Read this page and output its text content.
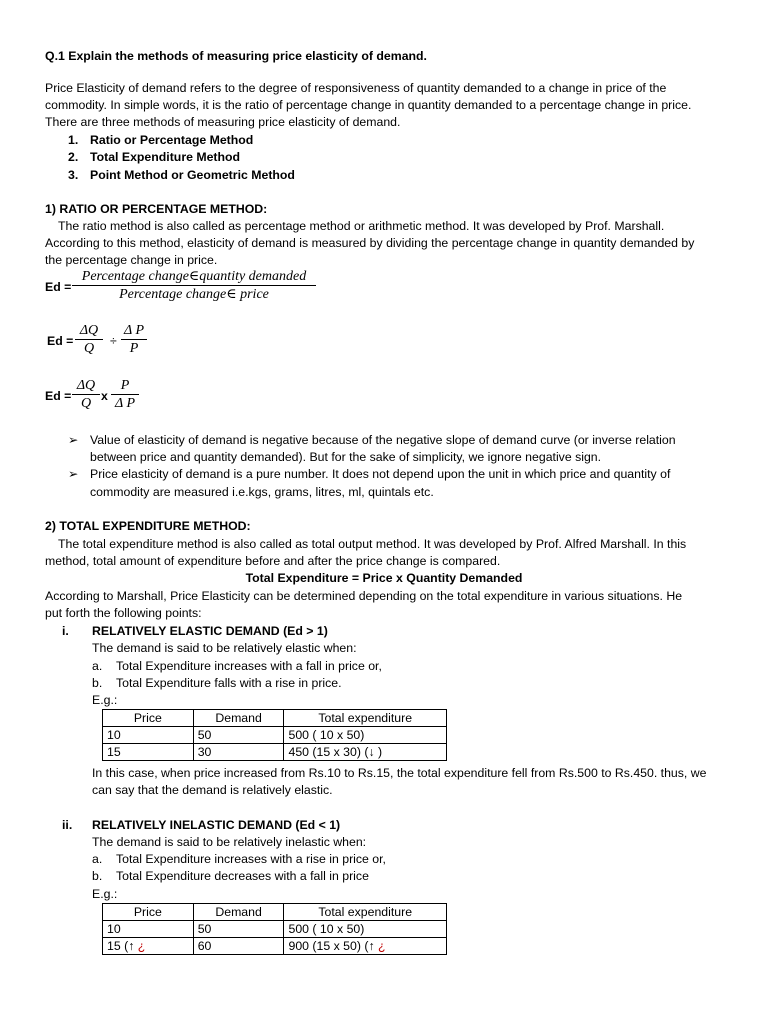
Q.1 Explain the methods of measuring price elasticity of demand.
Price Elasticity of demand refers to the degree of responsiveness of quantity demanded to a change in price of the
commodity. In simple words, it is the ratio of percentage change in quantity demanded to a percentage change in price.
There are three methods of measuring price elasticity of demand.
1. Ratio or Percentage Method
2. Total Expenditure Method
3. Point Method or Geometric Method
1) RATIO OR PERCENTAGE METHOD:
The ratio method is also called as percentage method or arithmetic method. It was developed by Prof. Marshall.
According to this method, elasticity of demand is measured by dividing the percentage change in quantity demanded by
the percentage change in price.
Ed =
Percentage change∈quantity demanded
Percentage change∈ price
Ed =
ΔQ
Q
÷
Δ P
P
Ed =
ΔQ
Q
x
P
Δ P
➢ Value of elasticity of demand is negative because of the negative slope of demand curve (or inverse relation
between price and quantity demanded). But for the sake of simplicity, we ignore negative sign.
➢ Price elasticity of demand is a pure number. It does not depend upon the unit in which price and quantity of
commodity are measured i.e.kgs, grams, litres, ml, quintals etc.
2) TOTAL EXPENDITURE METHOD:
The total expenditure method is also called as total output method. It was developed by Prof. Alfred Marshall. In this
method, total amount of expenditure before and after the price change is compared.
Total Expenditure = Price x Quantity Demanded
According to Marshall, Price Elasticity can be determined depending on the total expenditure in various situations. He
put forth the following points:
i. RELATIVELY ELASTIC DEMAND (Ed > 1)
The demand is said to be relatively elastic when:
a. Total Expenditure increases with a fall in price or,
b. Total Expenditure falls with a rise in price.
E.g.:
Price	Demand	Total expenditure
10	50	500 ( 10 x 50)
15	30	450 (15 x 30) (↓ )
In this case, when price increased from Rs.10 to Rs.15, the total expenditure fell from Rs.500 to Rs.450. thus, we
can say that the demand is relatively elastic.
ii. RELATIVELY INELASTIC DEMAND (Ed < 1)
The demand is said to be relatively inelastic when:
a. Total Expenditure increases with a rise in price or,
b. Total Expenditure decreases with a fall in price
E.g.:
Price	Demand	Total expenditure
10	50	500 ( 10 x 50)
15 (↑ ¿	60	900 (15 x 50) (↑ ¿
